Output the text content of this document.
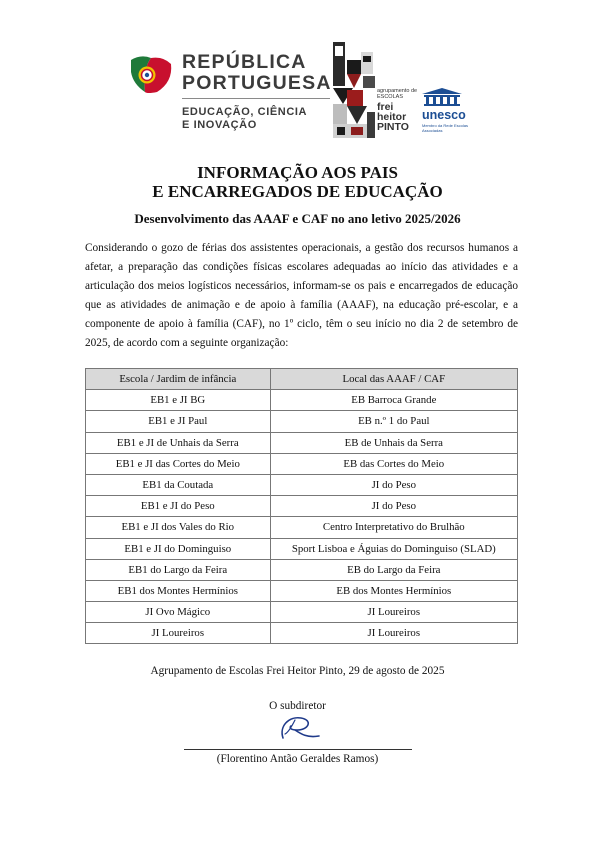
REPÚBLICA
PORTUGUESA
EDUCAÇÃO, CIÊNCIA
E INOVAÇÃO
agrupamento de ESCOLAS
frei heitor PINTO
unesco
Membro da Rede Escolas Associadas
INFORMAÇÃO AOS PAIS
E ENCARREGADOS DE EDUCAÇÃO
Desenvolvimento das AAAF e CAF no ano letivo 2025/2026

Considerando o gozo de férias dos assistentes operacionais, a gestão dos recursos humanos a afetar, a preparação das condições físicas escolares adequadas ao início das atividades e a articulação dos meios logísticos necessários, informam-se os pais e encarregados de educação que as atividades de animação e de apoio à família (AAAF), na educação pré-escolar, e a componente de apoio à família (CAF), no 1º ciclo, têm o seu início no dia 2 de setembro de 2025, de acordo com a seguinte organização:

Escola / Jardim de infância	Local das AAAF / CAF
EB1 e JI BG	EB Barroca Grande
EB1 e JI Paul	EB n.º 1 do Paul
EB1 e JI de Unhais da Serra	EB de Unhais da Serra
EB1 e JI das Cortes do Meio	EB das Cortes do Meio
EB1 da Coutada	JI do Peso
EB1 e JI do Peso	JI do Peso
EB1 e JI dos Vales do Rio	Centro Interpretativo do Brulhão
EB1 e JI do Dominguiso	Sport Lisboa e Águias do Dominguiso (SLAD)
EB1 do Largo da Feira	EB do Largo da Feira
EB1 dos Montes Hermínios	EB dos Montes Hermínios
JI Ovo Mágico	JI Loureiros
JI Loureiros	JI Loureiros
Agrupamento de Escolas Frei Heitor Pinto, 29 de agosto de 2025
O subdiretor
(Florentino Antão Geraldes Ramos)
